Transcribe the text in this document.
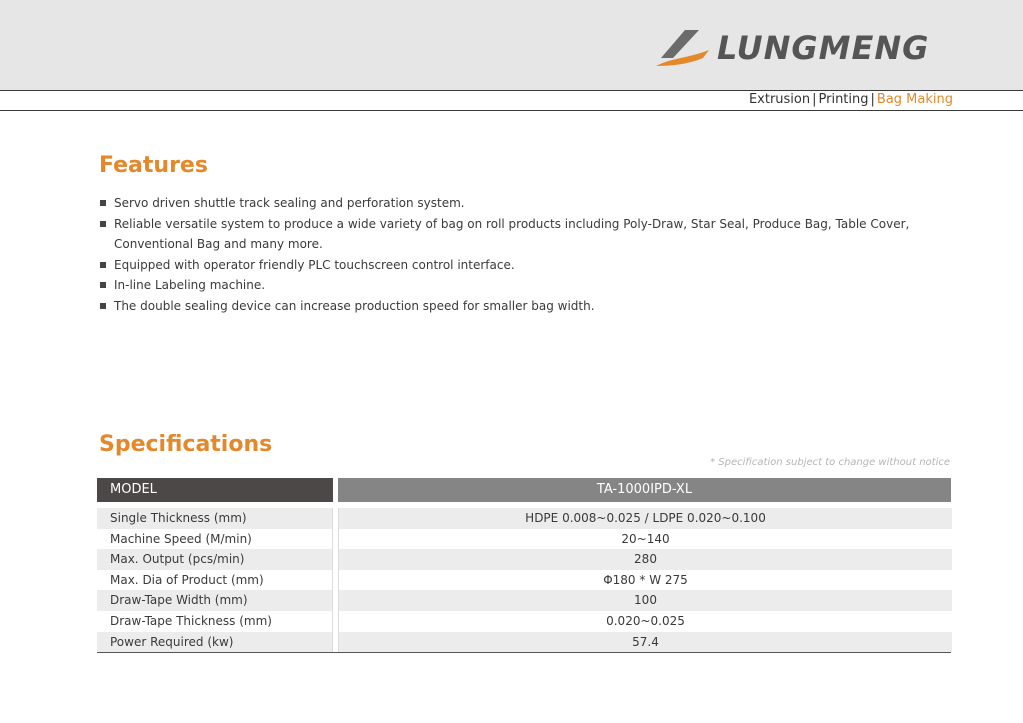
LUNGMENG
Extrusion | Printing | Bag Making
Features
Servo driven shuttle track sealing and perforation system.
Reliable versatile system to produce a wide variety of bag on roll products including Poly-Draw, Star Seal, Produce Bag, Table Cover, Conventional Bag and many more.
Equipped with operator friendly PLC touchscreen control interface.
In-line Labeling machine.
The double sealing device can increase production speed for smaller bag width.
Specifications
* Specification subject to change without notice
MODEL	TA-1000IPD-XL
Single Thickness (mm)	HDPE 0.008~0.025 / LDPE 0.020~0.100
Machine Speed (M/min)	20~140
Max. Output (pcs/min)	280
Max. Dia of Product (mm)	Φ180 * W 275
Draw-Tape Width (mm)	100
Draw-Tape Thickness (mm)	0.020~0.025
Power Required (kw)	57.4
